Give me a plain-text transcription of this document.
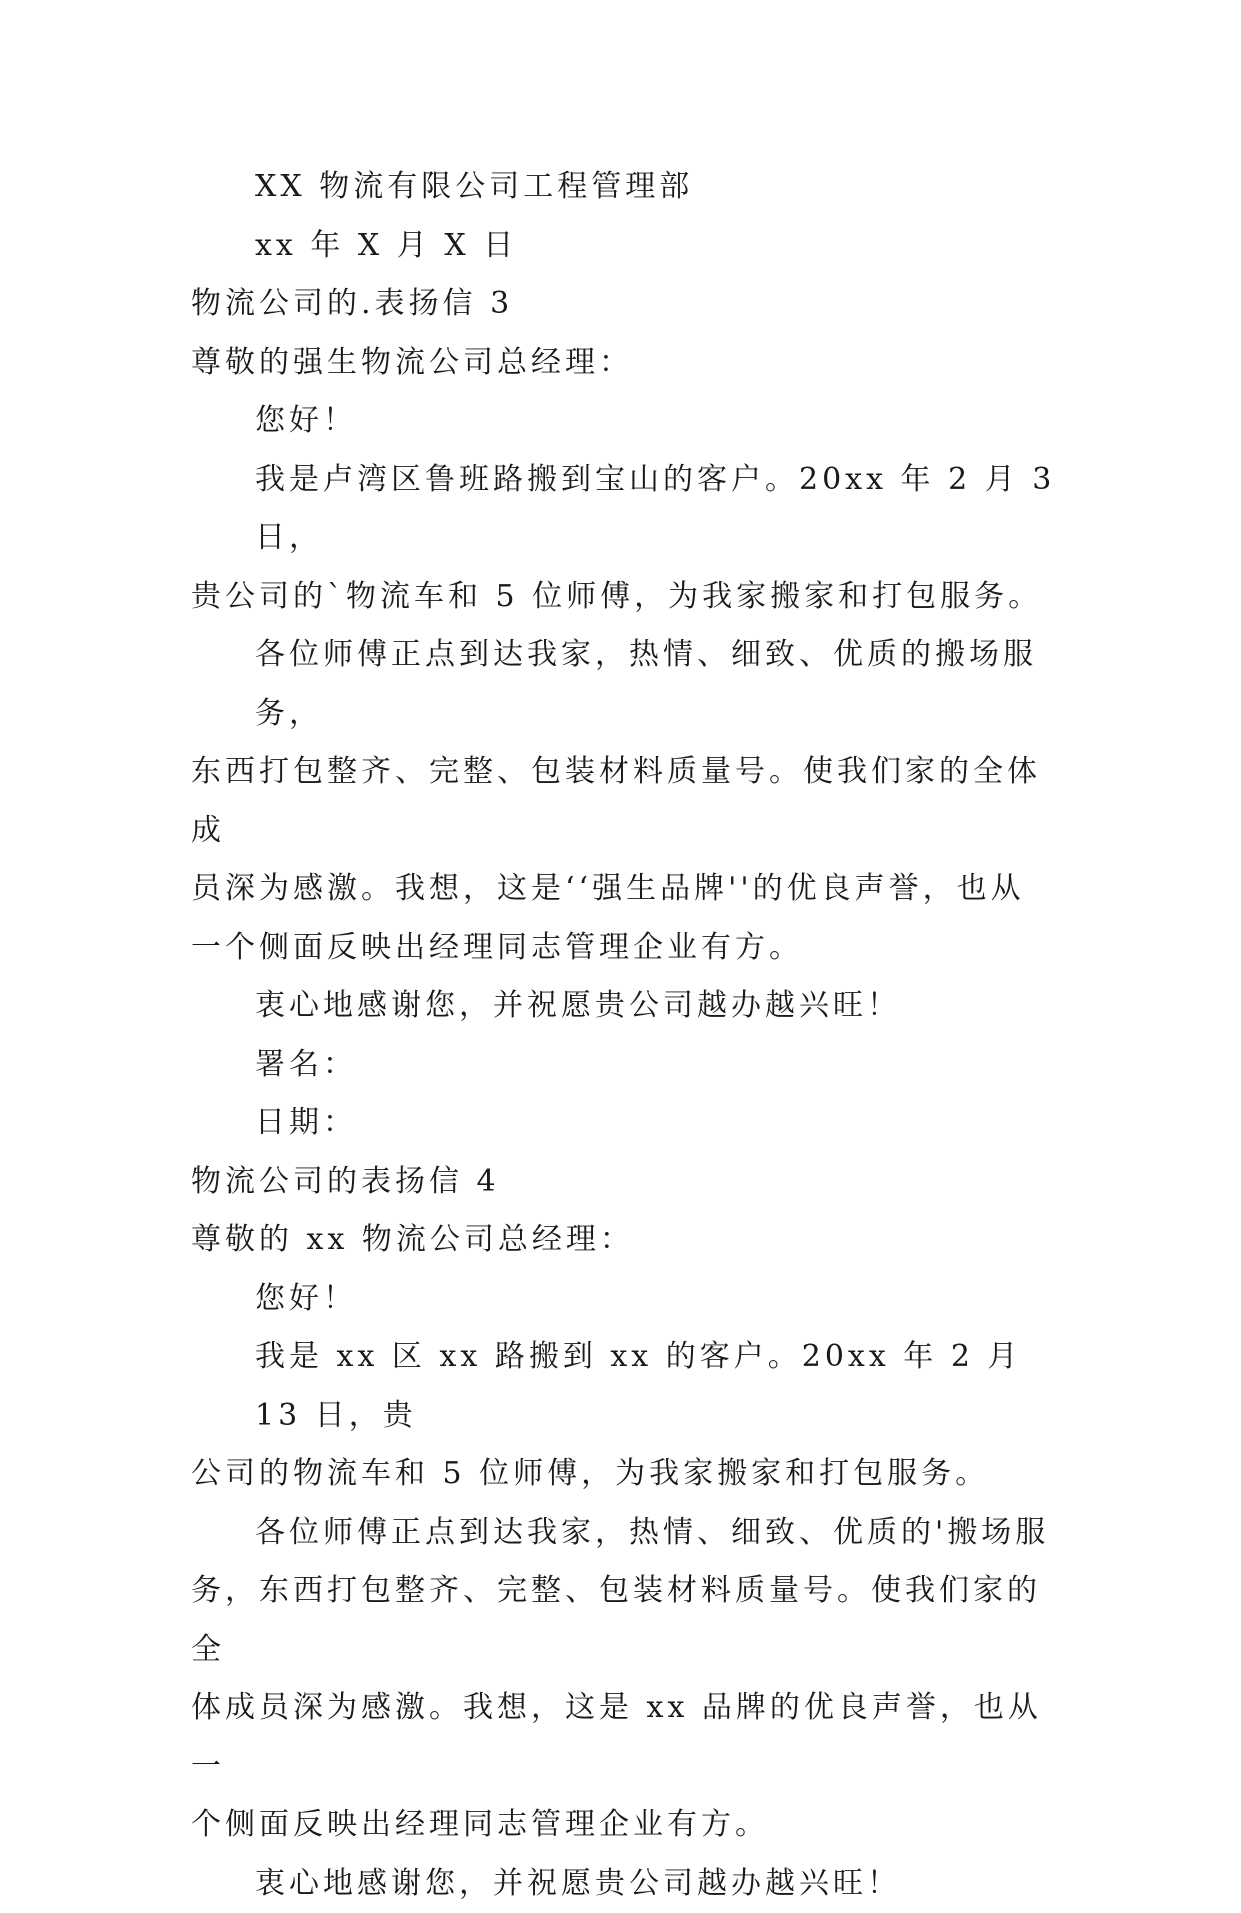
XX 物流有限公司工程管理部

xx 年 X 月 X 日

物流公司的.表扬信 3

尊敬的强生物流公司总经理：

您好！

我是卢湾区鲁班路搬到宝山的客户。20xx 年 2 月 3 日，

贵公司的`物流车和 5 位师傅，为我家搬家和打包服务。

各位师傅正点到达我家，热情、细致、优质的搬场服务，

东西打包整齐、完整、包装材料质量号。使我们家的全体成

员深为感激。我想，这是‘‘强生品牌''的优良声誉，也从

一个侧面反映出经理同志管理企业有方。

衷心地感谢您，并祝愿贵公司越办越兴旺！

署名：

日期：

物流公司的表扬信 4

尊敬的 xx 物流公司总经理：

您好！

我是 xx 区 xx 路搬到 xx 的客户。20xx 年 2 月 13 日，贵

公司的物流车和 5 位师傅，为我家搬家和打包服务。

各位师傅正点到达我家，热情、细致、优质的'搬场服

务，东西打包整齐、完整、包装材料质量号。使我们家的全

体成员深为感激。我想，这是 xx 品牌的优良声誉，也从一

个侧面反映出经理同志管理企业有方。

衷心地感谢您，并祝愿贵公司越办越兴旺！
